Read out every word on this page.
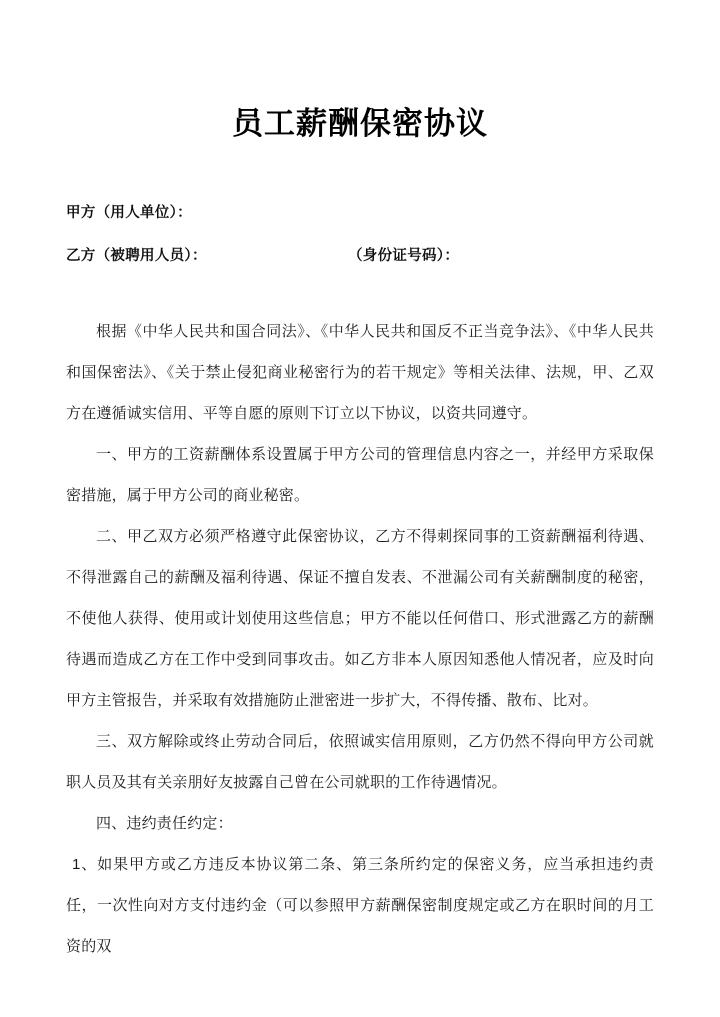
员工薪酬保密协议
甲方（用人单位）：
乙方（被聘用人员）：	（身份证号码）：

根据《中华人民共和国合同法》、《中华人民共和国反不正当竞争法》、《中华人民共和国保密法》、《关于禁止侵犯商业秘密行为的若干规定》等相关法律、法规，甲、乙双方在遵循诚实信用、平等自愿的原则下订立以下协议，以资共同遵守。

一、甲方的工资薪酬体系设置属于甲方公司的管理信息内容之一，并经甲方采取保密措施，属于甲方公司的商业秘密。

二、甲乙双方必须严格遵守此保密协议，乙方不得刺探同事的工资薪酬福利待遇、不得泄露自己的薪酬及福利待遇、保证不擅自发表、不泄漏公司有关薪酬制度的秘密，不使他人获得、使用或计划使用这些信息；甲方不能以任何借口、形式泄露乙方的薪酬待遇而造成乙方在工作中受到同事攻击。如乙方非本人原因知悉他人情况者，应及时向甲方主管报告，并采取有效措施防止泄密进一步扩大，不得传播、散布、比对。

三、双方解除或终止劳动合同后，依照诚实信用原则，乙方仍然不得向甲方公司就职人员及其有关亲朋好友披露自己曾在公司就职的工作待遇情况。

四、违约责任约定：

1、如果甲方或乙方违反本协议第二条、第三条所约定的保密义务，应当承担违约责任，一次性向对方支付违约金（可以参照甲方薪酬保密制度规定或乙方在职时间的月工资的双
